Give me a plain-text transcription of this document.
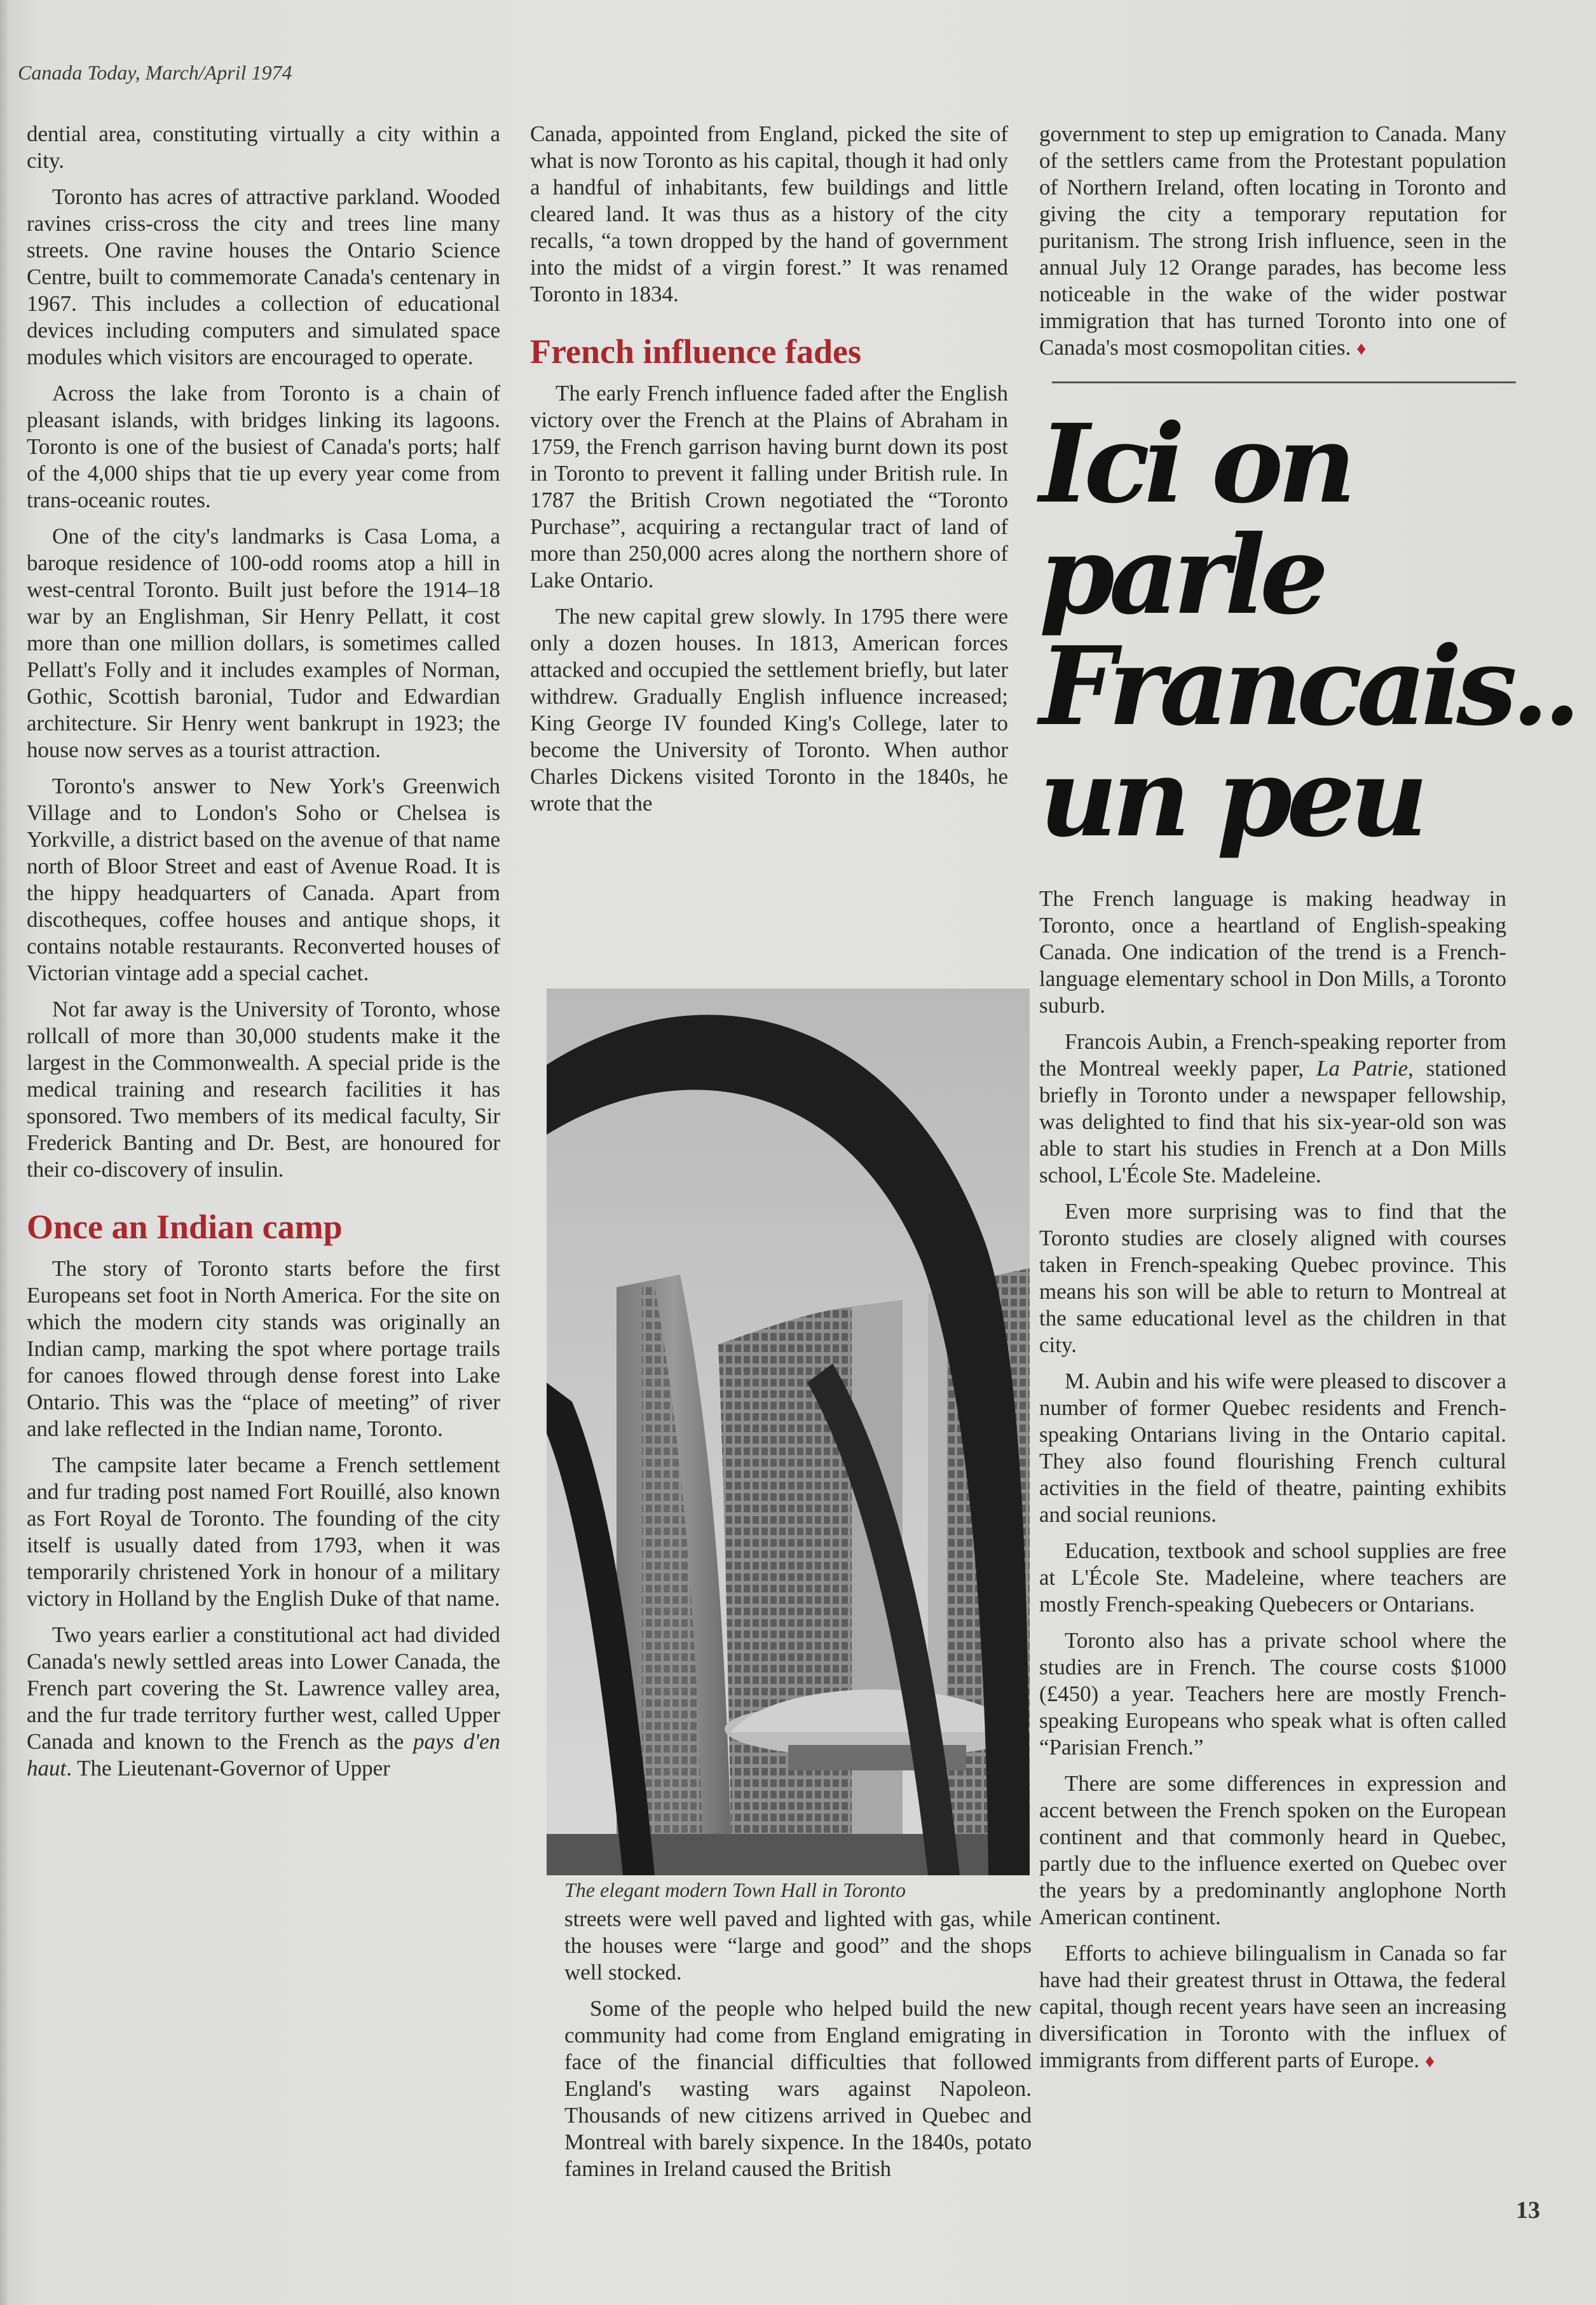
Canada Today, March/April 1974

dential area, constituting virtually a city within a city.

Toronto has acres of attractive parkland. Wooded ravines criss-cross the city and trees line many streets. One ravine houses the Ontario Science Centre, built to commemorate Canada's centenary in 1967. This includes a collection of educational devices including computers and simulated space modules which visitors are encouraged to operate.

Across the lake from Toronto is a chain of pleasant islands, with bridges linking its lagoons. Toronto is one of the busiest of Canada's ports; half of the 4,000 ships that tie up every year come from trans-oceanic routes.

One of the city's landmarks is Casa Loma, a baroque residence of 100-odd rooms atop a hill in west-central Toronto. Built just before the 1914–18 war by an Englishman, Sir Henry Pellatt, it cost more than one million dollars, is sometimes called Pellatt's Folly and it includes examples of Norman, Gothic, Scottish baronial, Tudor and Edwardian architecture. Sir Henry went bankrupt in 1923; the house now serves as a tourist attraction.

Toronto's answer to New York's Greenwich Village and to London's Soho or Chelsea is Yorkville, a district based on the avenue of that name north of Bloor Street and east of Avenue Road. It is the hippy headquarters of Canada. Apart from discotheques, coffee houses and antique shops, it contains notable restaurants. Reconverted houses of Victorian vintage add a special cachet.

Not far away is the University of Toronto, whose rollcall of more than 30,000 students make it the largest in the Commonwealth. A special pride is the medical training and research facilities it has sponsored. Two members of its medical faculty, Sir Frederick Banting and Dr. Best, are honoured for their co-discovery of insulin.

Once an Indian camp

The story of Toronto starts before the first Europeans set foot in North America. For the site on which the modern city stands was originally an Indian camp, marking the spot where portage trails for canoes flowed through dense forest into Lake Ontario. This was the “place of meeting” of river and lake reflected in the Indian name, Toronto.

The campsite later became a French settlement and fur trading post named Fort Rouillé, also known as Fort Royal de Toronto. The founding of the city itself is usually dated from 1793, when it was temporarily christened York in honour of a military victory in Holland by the English Duke of that name.

Two years earlier a constitutional act had divided Canada's newly settled areas into Lower Canada, the French part covering the St. Lawrence valley area, and the fur trade territory further west, called Upper Canada and known to the French as the pays d'en haut. The Lieutenant-Governor of Upper

Canada, appointed from England, picked the site of what is now Toronto as his capital, though it had only a handful of inhabitants, few buildings and little cleared land. It was thus as a history of the city recalls, “a town dropped by the hand of government into the midst of a virgin forest.” It was renamed Toronto in 1834.

French influence fades

The early French influence faded after the English victory over the French at the Plains of Abraham in 1759, the French garrison having burnt down its post in Toronto to prevent it falling under British rule. In 1787 the British Crown negotiated the “Toronto Purchase”, acquiring a rectangular tract of land of more than 250,000 acres along the northern shore of Lake Ontario.

The new capital grew slowly. In 1795 there were only a dozen houses. In 1813, American forces attacked and occupied the settlement briefly, but later withdrew. Gradually English influence increased; King George IV founded King's College, later to become the University of Toronto. When author Charles Dickens visited Toronto in the 1840s, he wrote that the

The elegant modern Town Hall in Toronto

streets were well paved and lighted with gas, while the houses were “large and good” and the shops well stocked.

Some of the people who helped build the new community had come from England emigrating in face of the financial difficulties that followed England's wasting wars against Napoleon. Thousands of new citizens arrived in Quebec and Montreal with barely sixpence. In the 1840s, potato famines in Ireland caused the British

government to step up emigration to Canada. Many of the settlers came from the Protestant population of Northern Ireland, often locating in Toronto and giving the city a temporary reputation for puritanism. The strong Irish influence, seen in the annual July 12 Orange parades, has become less noticeable in the wake of the wider postwar immigration that has turned Toronto into one of Canada's most cosmopolitan cities. ♦

Ici on parle
Francais..
un peu

The French language is making headway in Toronto, once a heartland of English-speaking Canada. One indication of the trend is a French-language elementary school in Don Mills, a Toronto suburb.

Francois Aubin, a French-speaking reporter from the Montreal weekly paper, La Patrie, stationed briefly in Toronto under a newspaper fellowship, was delighted to find that his six-year-old son was able to start his studies in French at a Don Mills school, L'École Ste. Madeleine.

Even more surprising was to find that the Toronto studies are closely aligned with courses taken in French-speaking Quebec province. This means his son will be able to return to Montreal at the same educational level as the children in that city.

M. Aubin and his wife were pleased to discover a number of former Quebec residents and French-speaking Ontarians living in the Ontario capital. They also found flourishing French cultural activities in the field of theatre, painting exhibits and social reunions.

Education, textbook and school supplies are free at L'École Ste. Madeleine, where teachers are mostly French-speaking Quebecers or Ontarians.

Toronto also has a private school where the studies are in French. The course costs $1000 (£450) a year. Teachers here are mostly French-speaking Europeans who speak what is often called “Parisian French.”

There are some differences in expression and accent between the French spoken on the European continent and that commonly heard in Quebec, partly due to the influence exerted on Quebec over the years by a predominantly anglophone North American continent.

Efforts to achieve bilingualism in Canada so far have had their greatest thrust in Ottawa, the federal capital, though recent years have seen an increasing diversification in Toronto with the influex of immigrants from different parts of Europe. ♦

13
